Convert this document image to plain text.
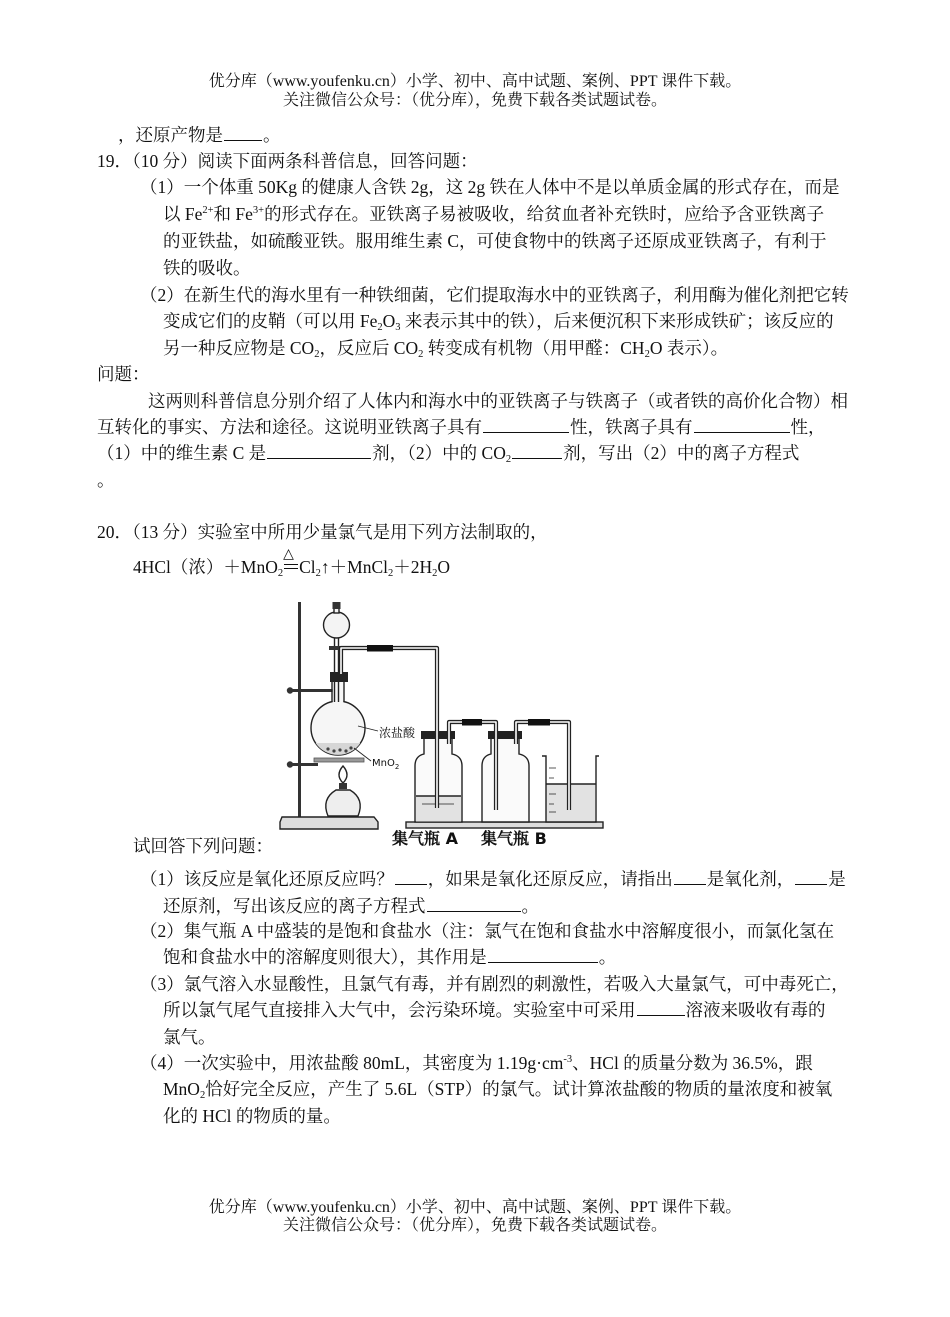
优分库（www.youfenku.cn）小学、初中、高中试题、案例、PPT 课件下载。
关注微信公众号：（优分库），免费下载各类试题试卷。
，还原产物是 。
19．（10 分）阅读下面两条科普信息，回答问题：
（1）一个体重 50Kg 的健康人含铁 2g，这 2g 铁在人体中不是以单质金属的形式存在，而是
以 $Fe^{2+}$和 $Fe^{3+}$的形式存在。亚铁离子易被吸收，给贫血者补充铁时，应给予含亚铁离子
的亚铁盐，如硫酸亚铁。服用维生素 C，可使食物中的铁离子还原成亚铁离子，有利于
铁的吸收。
（2）在新生代的海水里有一种铁细菌，它们提取海水中的亚铁离子，利用酶为催化剂把它转
变成它们的皮鞘（可以用 $Fe_2O_3$ 来表示其中的铁），后来便沉积下来形成铁矿；该反应的
另一种反应物是 $CO_2$，反应后 $CO_2$ 转变成有机物（用甲醛：$CH_2O$ 表示）。
问题：
这两则科普信息分别介绍了人体内和海水中的亚铁离子与铁离子（或者铁的高价化合物）相
互转化的事实、方法和途径。这说明亚铁离子具有	性，铁离子具有	性，
（1）中的维生素 C 是	剂，（2）中的 $CO_2$	剂，写出（2）中的离子方程式
。
20．（13 分）实验室中所用少量氯气是用下列方法制取的，
4HCl（浓）＋MnO$_2$
△
$Cl_2↑+MnCl_2+2H_2O$
浓盐酸
MnO$_2$
集气瓶 A 集气瓶 B
试回答下列问题：
（1）该反应是氧化还原反应吗？ ，如果是氧化还原反应，请指出 是氧化剂， 是
还原剂，写出该反应的离子方程式	。
（2）集气瓶 A 中盛装的是饱和食盐水（注：氯气在饱和食盐水中溶解度很小，而氯化氢在
饱和食盐水中的溶解度则很大），其作用是	。
（3）氯气溶入水显酸性，且氯气有毒，并有剧烈的刺激性，若吸入大量氯气，可中毒死亡，
所以氯气尾气直接排入大气中，会污染环境。实验室中可采用	溶液来吸收有毒的
氯气。
（4）一次实验中，用浓盐酸 80mL，其密度为 $1.19g\cdot cm^{-3}$、HCl 的质量分数为 36.5%，跟
MnO$_2$恰好完全反应，产生了 5.6L（STP）的氯气。试计算浓盐酸的物质的量浓度和被氧
化的 HCl 的物质的量。
优分库（www.youfenku.cn）小学、初中、高中试题、案例、PPT 课件下载。
关注微信公众号：（优分库），免费下载各类试题试卷。
